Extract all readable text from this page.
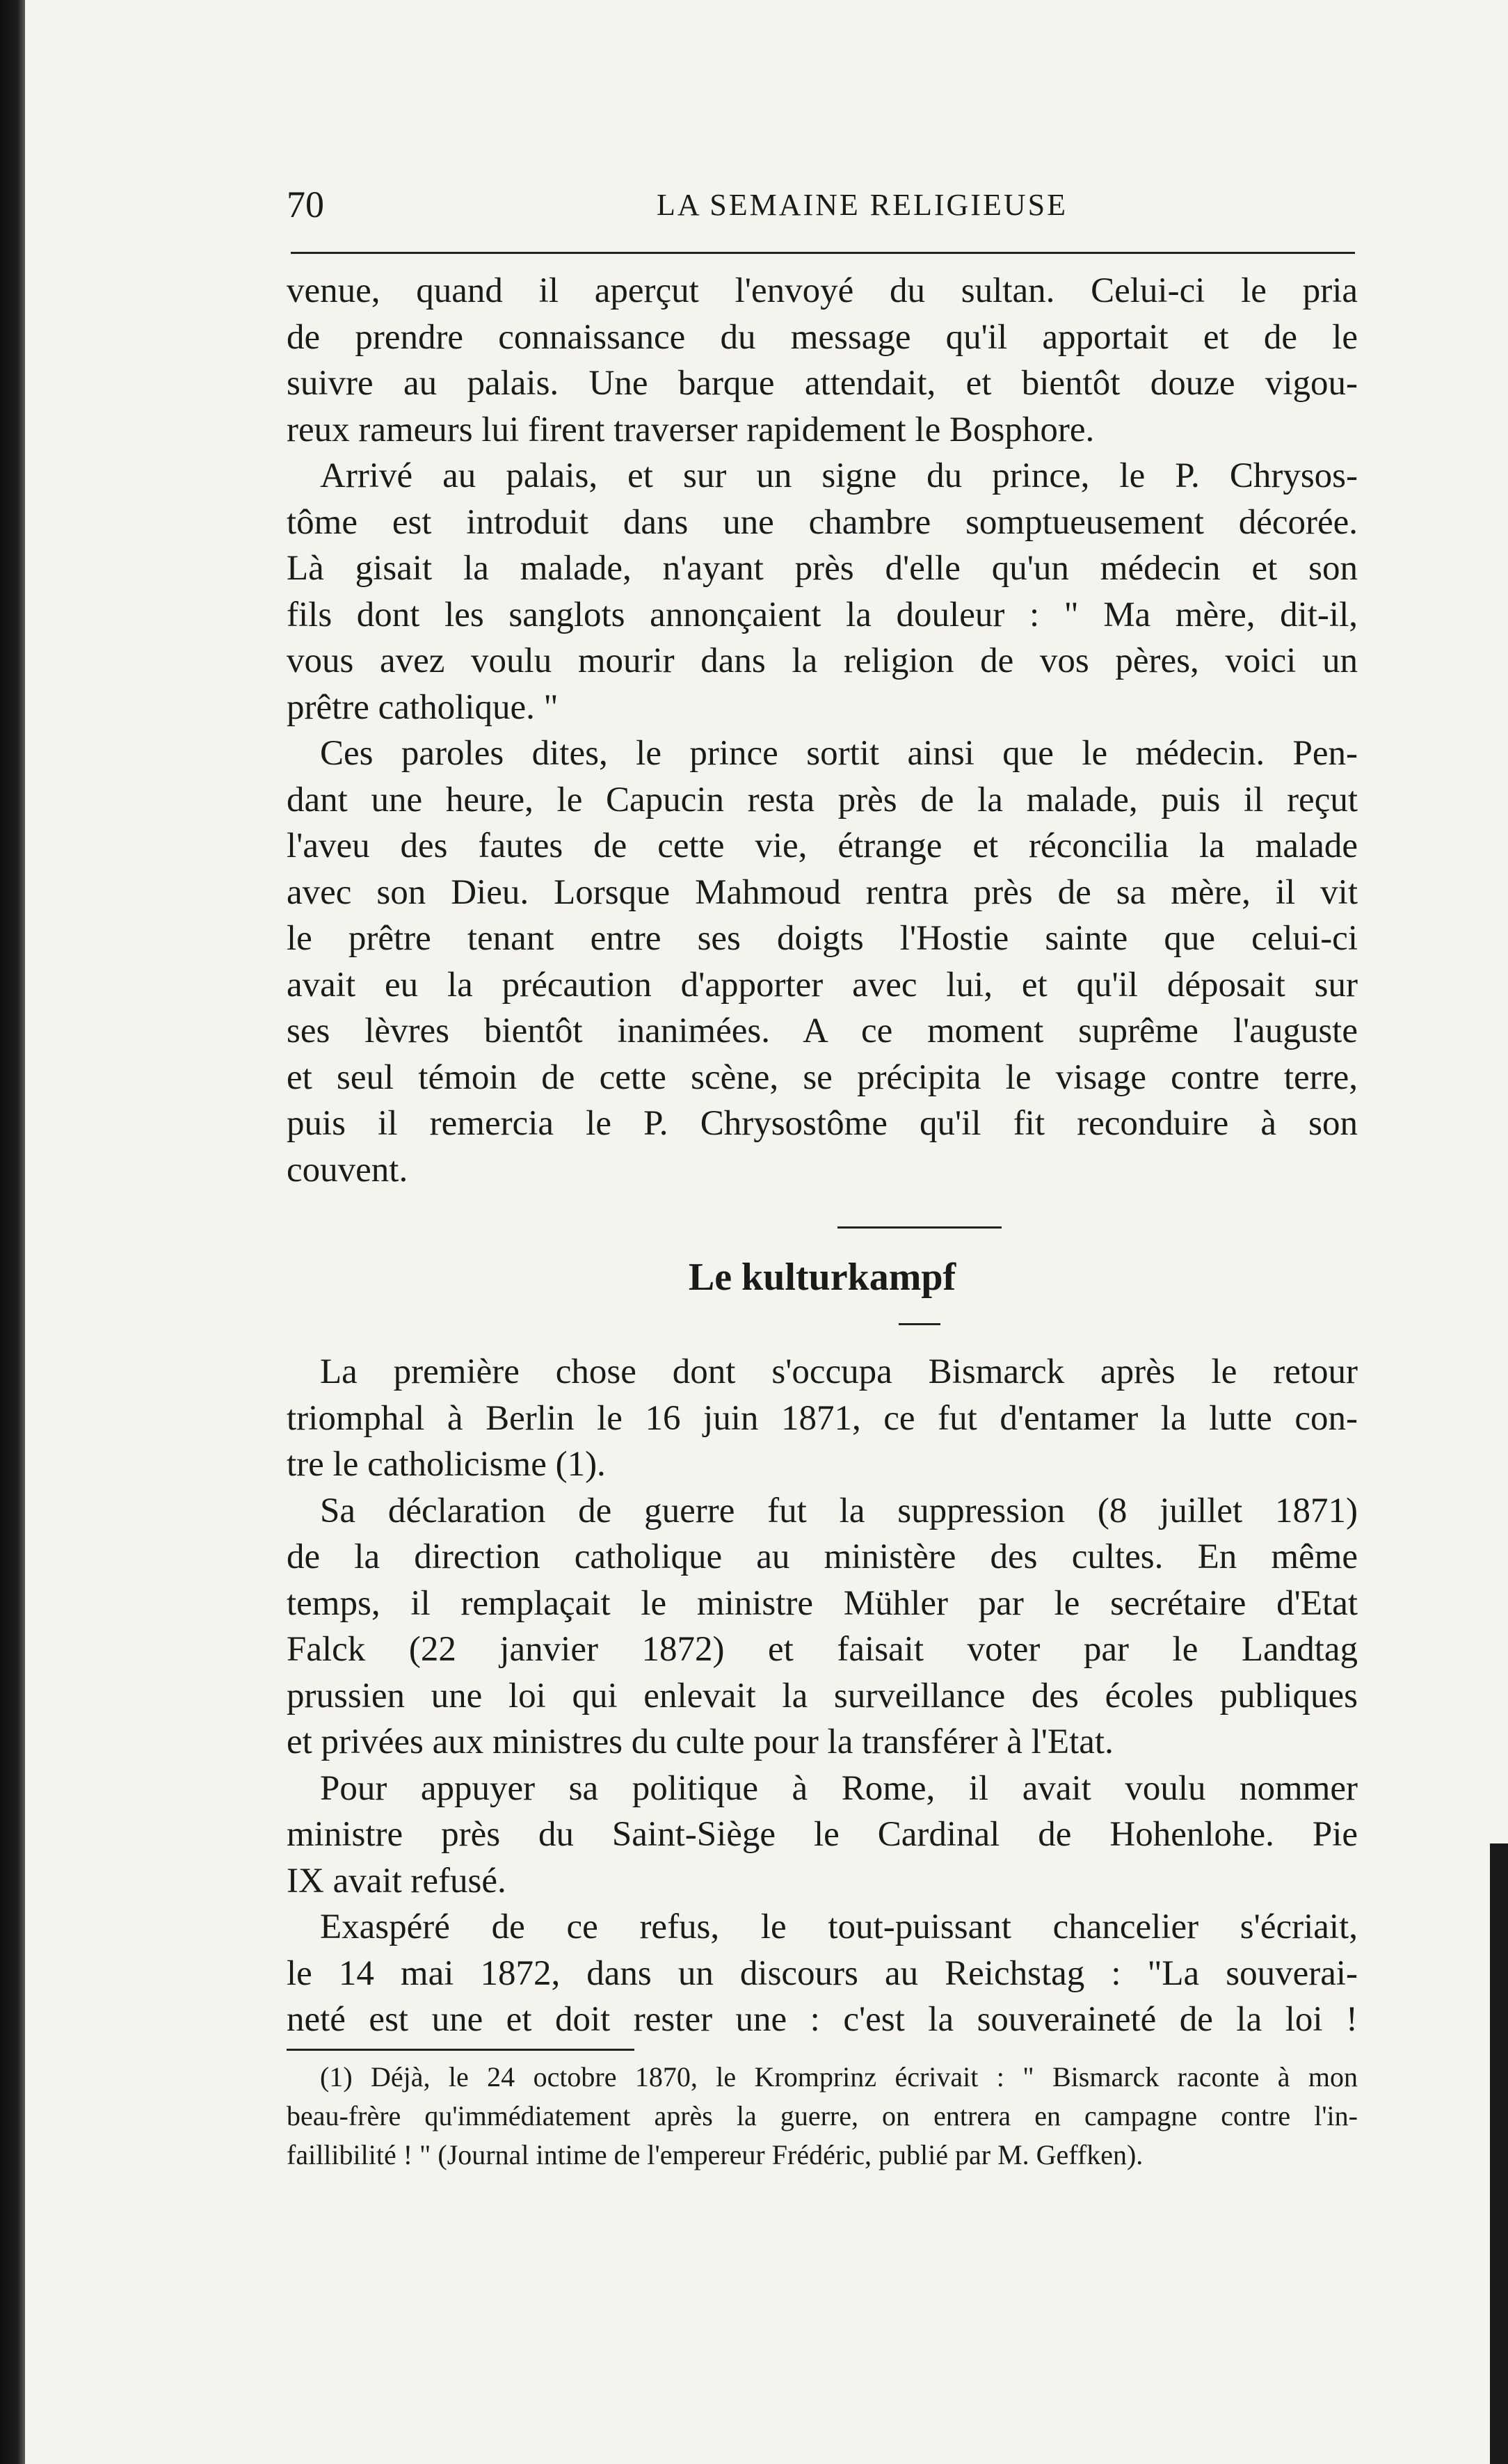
70	LA SEMAINE RELIGIEUSE
venue, quand il aperçut l'envoyé du sultan. Celui-ci le pria
de prendre connaissance du message qu'il apportait et de le
suivre au palais. Une barque attendait, et bientôt douze vigou-
reux rameurs lui firent traverser rapidement le Bosphore.
Arrivé au palais, et sur un signe du prince, le P. Chrysos-
tôme est introduit dans une chambre somptueusement décorée.
Là gisait la malade, n'ayant près d'elle qu'un médecin et son
fils dont les sanglots annonçaient la douleur : " Ma mère, dit-il,
vous avez voulu mourir dans la religion de vos pères, voici un
prêtre catholique. "
Ces paroles dites, le prince sortit ainsi que le médecin. Pen-
dant une heure, le Capucin resta près de la malade, puis il reçut
l'aveu des fautes de cette vie, étrange et réconcilia la malade
avec son Dieu. Lorsque Mahmoud rentra près de sa mère, il vit
le prêtre tenant entre ses doigts l'Hostie sainte que celui-ci
avait eu la précaution d'apporter avec lui, et qu'il déposait sur
ses lèvres bientôt inanimées. A ce moment suprême l'auguste
et seul témoin de cette scène, se précipita le visage contre terre,
puis il remercia le P. Chrysostôme qu'il fit reconduire à son
couvent.
Le kulturkampf
La première chose dont s'occupa Bismarck après le retour
triomphal à Berlin le 16 juin 1871, ce fut d'entamer la lutte con-
tre le catholicisme (1).
Sa déclaration de guerre fut la suppression (8 juillet 1871)
de la direction catholique au ministère des cultes. En même
temps, il remplaçait le ministre Mühler par le secrétaire d'Etat
Falck (22 janvier 1872) et faisait voter par le Landtag
prussien une loi qui enlevait la surveillance des écoles publiques
et privées aux ministres du culte pour la transférer à l'Etat.
Pour appuyer sa politique à Rome, il avait voulu nommer
ministre près du Saint-Siège le Cardinal de Hohenlohe. Pie
IX avait refusé.
Exaspéré de ce refus, le tout-puissant chancelier s'écriait,
le 14 mai 1872, dans un discours au Reichstag : "La souverai-
neté est une et doit rester une : c'est la souveraineté de la loi !
(1) Déjà, le 24 octobre 1870, le Kromprinz écrivait : " Bismarck raconte à mon
beau-frère qu'immédiatement après la guerre, on entrera en campagne contre l'in-
faillibilité ! " (Journal intime de l'empereur Frédéric, publié par M. Geffken).
